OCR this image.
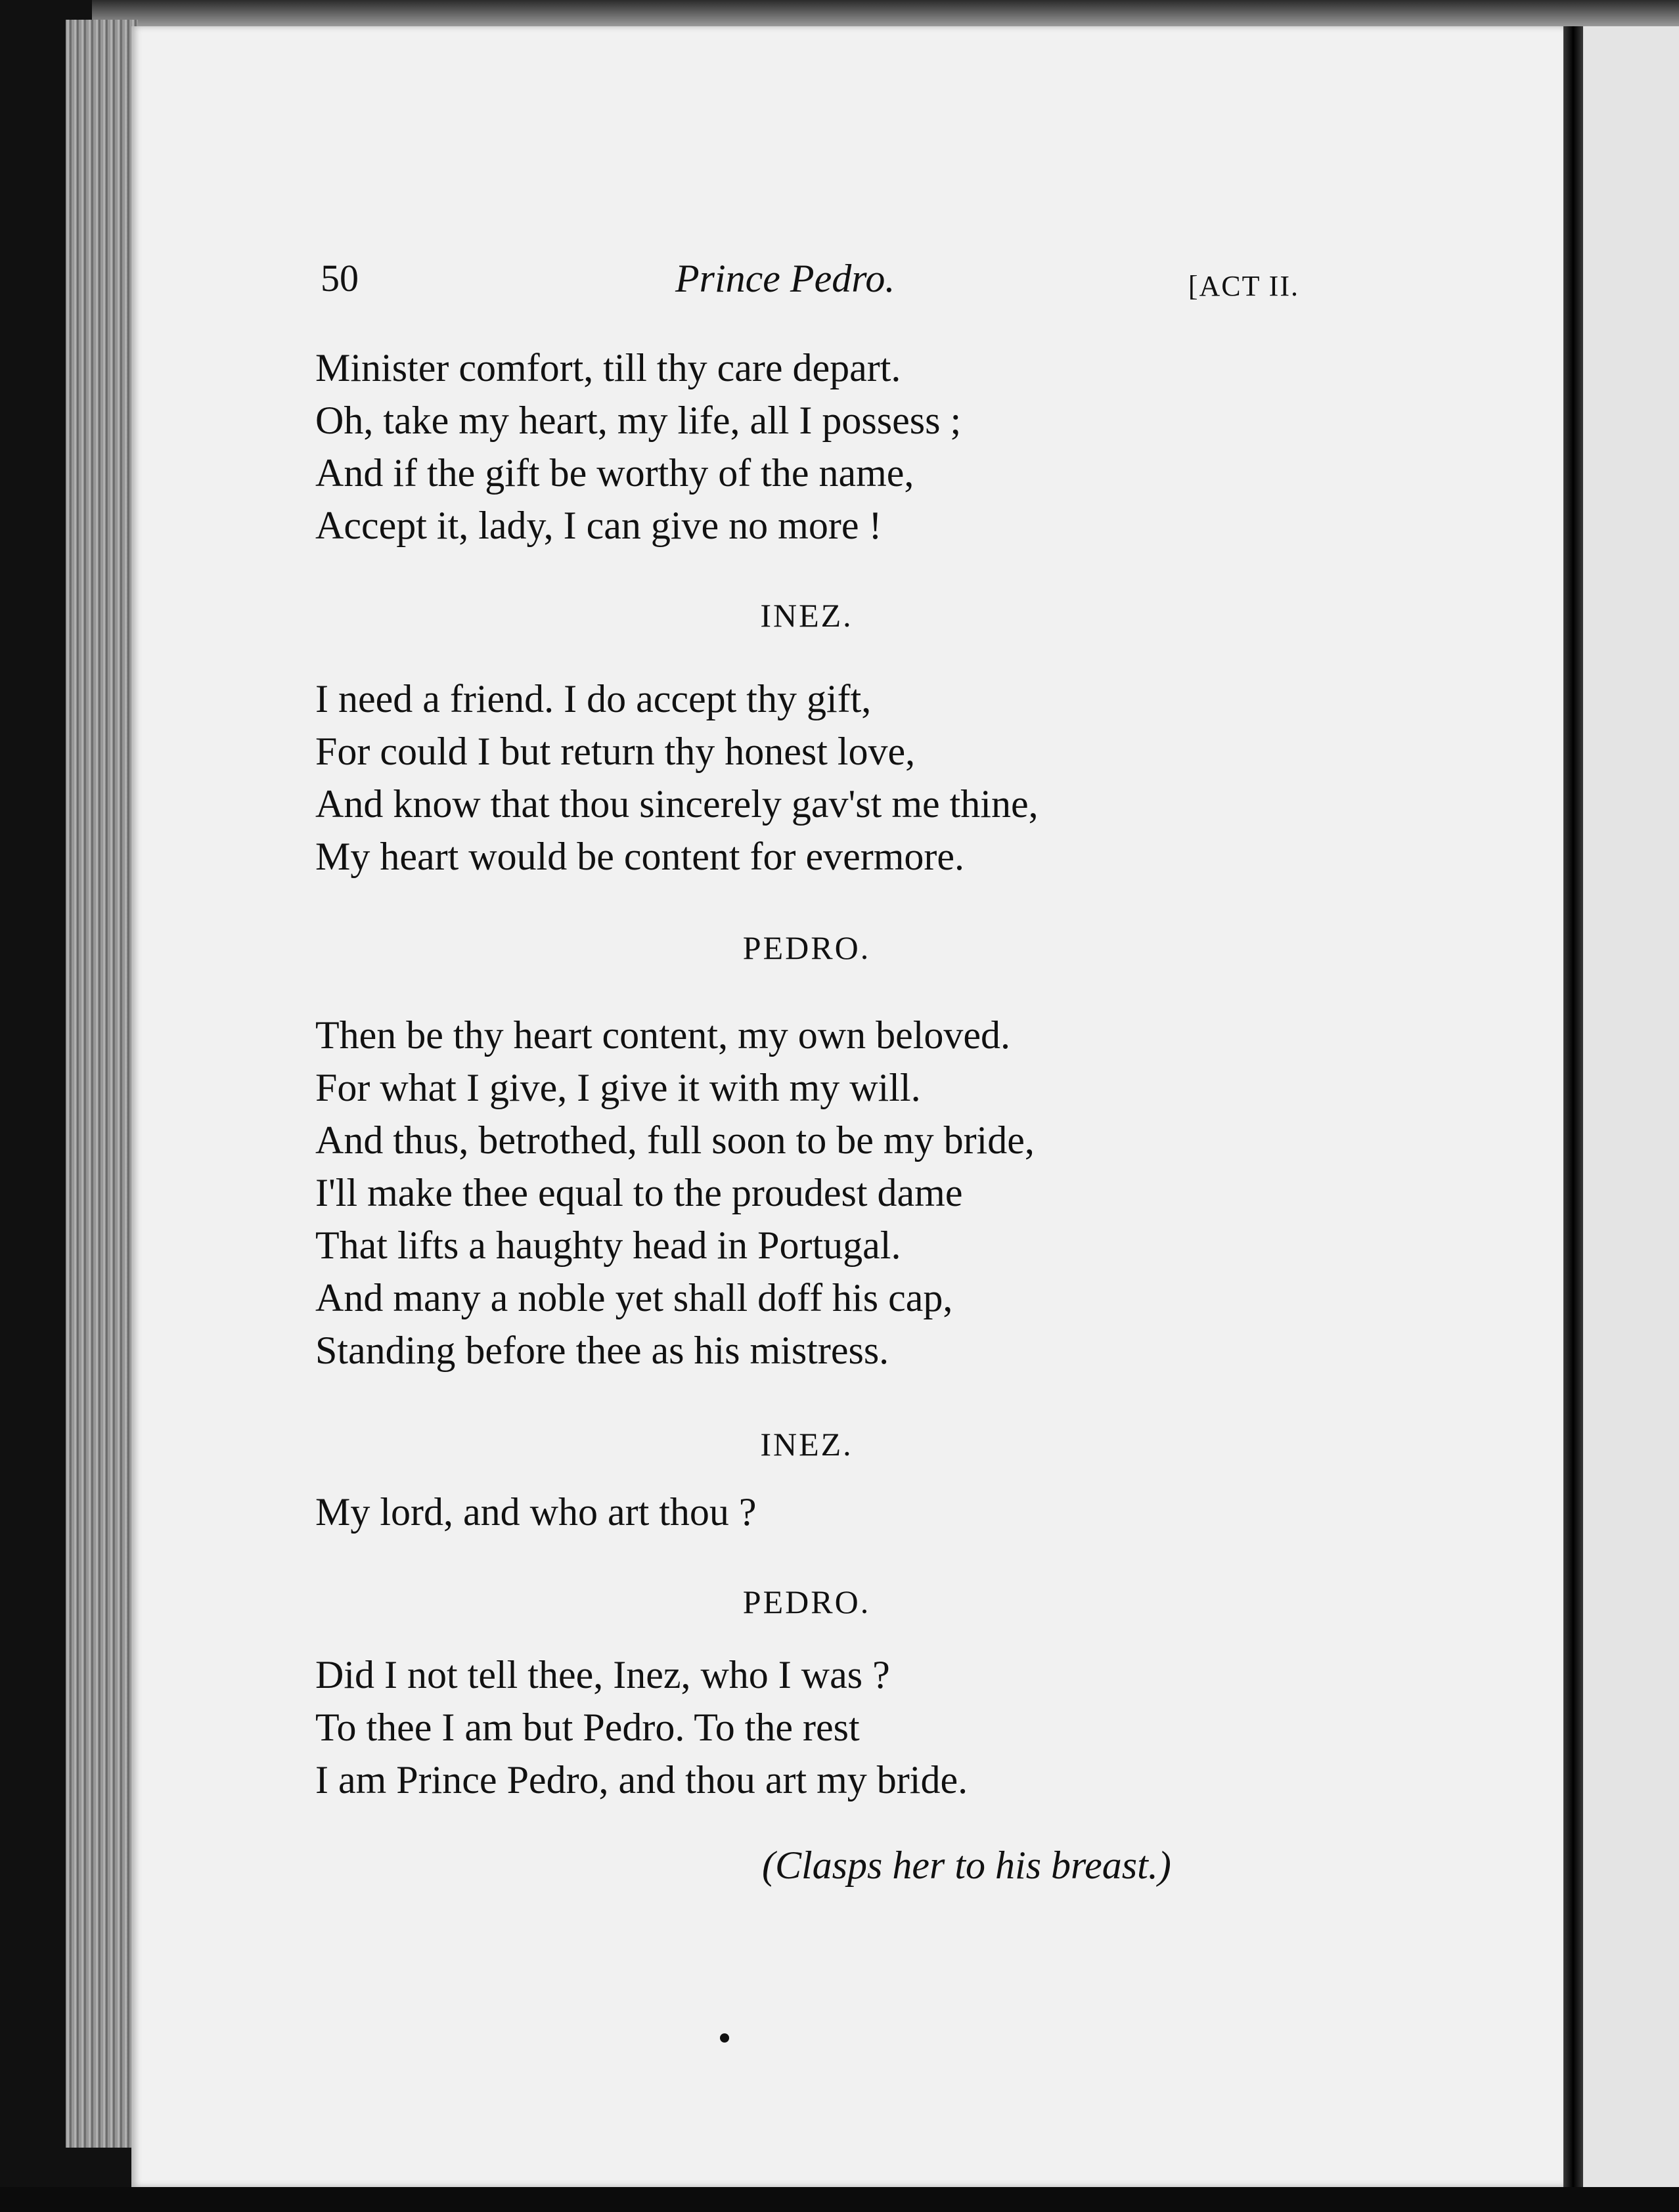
50	Prince Pedro.	[ACT II.
Minister comfort, till thy care depart.
Oh, take my heart, my life, all I possess ;
And if the gift be worthy of the name,
Accept it, lady, I can give no more !
INEZ.
I need a friend. I do accept thy gift,
For could I but return thy honest love,
And know that thou sincerely gav'st me thine,
My heart would be content for evermore.
PEDRO.
Then be thy heart content, my own beloved.
For what I give, I give it with my will.
And thus, betrothed, full soon to be my bride,
I'll make thee equal to the proudest dame
That lifts a haughty head in Portugal.
And many a noble yet shall doff his cap,
Standing before thee as his mistress.
INEZ.
My lord, and who art thou ?
PEDRO.
Did I not tell thee, Inez, who I was ?
To thee I am but Pedro. To the rest
I am Prince Pedro, and thou art my bride.
(Clasps her to his breast.)
